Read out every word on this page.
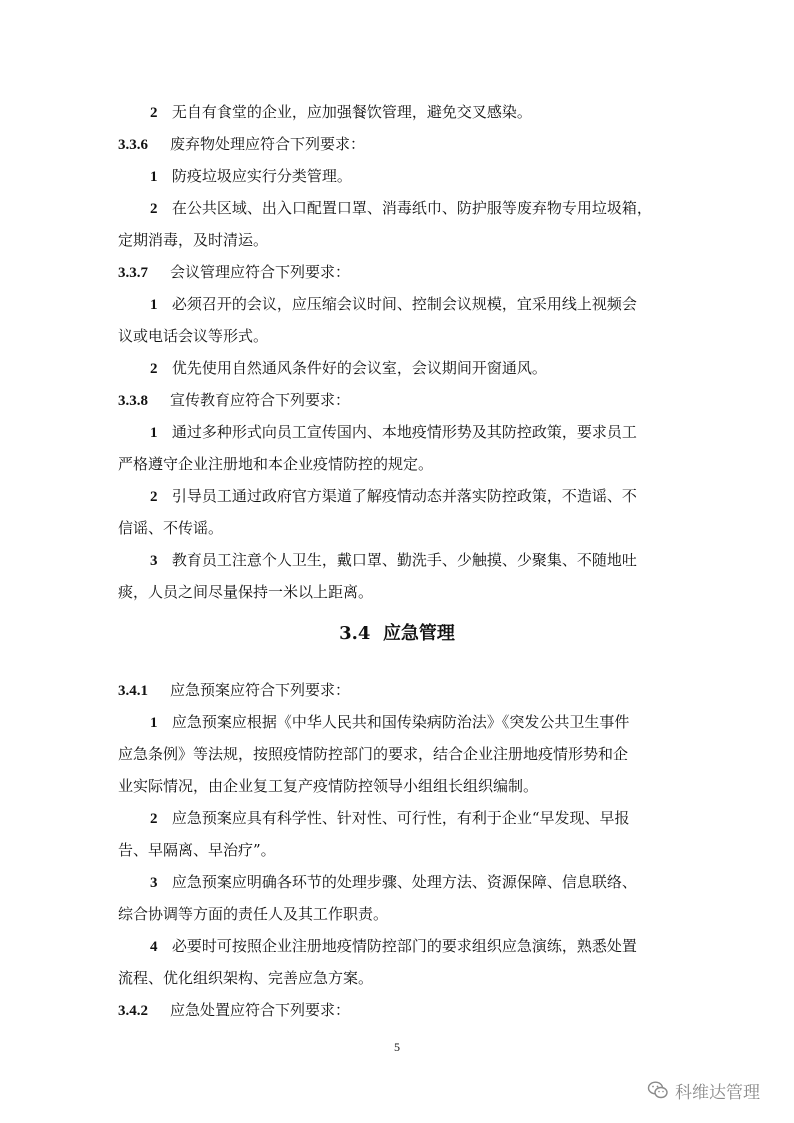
2 无自有食堂的企业，应加强餐饮管理，避免交叉感染。
3.3.6 废弃物处理应符合下列要求：
1 防疫垃圾应实行分类管理。
2 在公共区域、出入口配置口罩、消毒纸巾、防护服等废弃物专用垃圾箱，
定期消毒，及时清运。
3.3.7 会议管理应符合下列要求：
1 必须召开的会议，应压缩会议时间、控制会议规模，宜采用线上视频会
议或电话会议等形式。
2 优先使用自然通风条件好的会议室，会议期间开窗通风。
3.3.8 宣传教育应符合下列要求：
1 通过多种形式向员工宣传国内、本地疫情形势及其防控政策，要求员工
严格遵守企业注册地和本企业疫情防控的规定。
2 引导员工通过政府官方渠道了解疫情动态并落实防控政策，不造谣、不
信谣、不传谣。
3 教育员工注意个人卫生，戴口罩、勤洗手、少触摸、少聚集、不随地吐
痰，人员之间尽量保持一米以上距离。
3.4.1 应急预案应符合下列要求：
1 应急预案应根据《中华人民共和国传染病防治法》《突发公共卫生事件
应急条例》等法规，按照疫情防控部门的要求，结合企业注册地疫情形势和企
业实际情况，由企业复工复产疫情防控领导小组组长组织编制。
2 应急预案应具有科学性、针对性、可行性，有利于企业“早发现、早报
告、早隔离、早治疗”。
3 应急预案应明确各环节的处理步骤、处理方法、资源保障、信息联络、
综合协调等方面的责任人及其工作职责。
4 必要时可按照企业注册地疫情防控部门的要求组织应急演练，熟悉处置
流程、优化组织架构、完善应急方案。
3.4.2 应急处置应符合下列要求：
3.4 应急管理
5
科维达管理
